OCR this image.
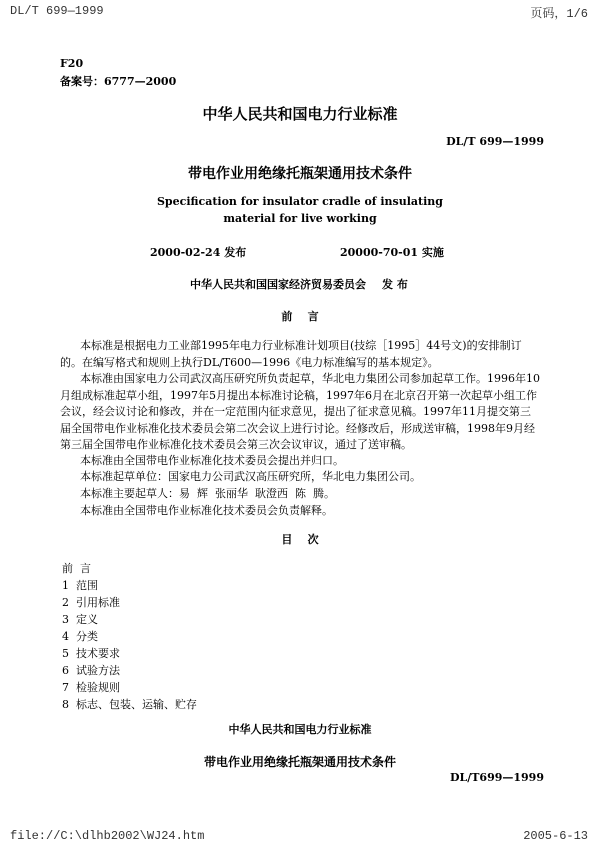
DL/T 699—1999	页码，1/6
F20
备案号：6777—2000
中华人民共和国电力行业标准
DL/T 699—1999
带电作业用绝缘托瓶架通用技术条件
Specification for insulator cradle of insulating
material for live working
2000-02-24 发布	20000-70-01 实施
中华人民共和国国家经济贸易委员会 发 布
前    言
本标准是根据电力工业部1995年电力行业标准计划项目(技综［1995］44号文)的安排制订的。在编写格式和规则上执行DL/T600—1996《电力标准编写的基本规定》。
本标准由国家电力公司武汉高压研究所负责起草，华北电力集团公司参加起草工作。1996年10月组成标准起草小组，1997年5月提出本标准讨论稿，1997年6月在北京召开第一次起草小组工作会议，经会议讨论和修改，并在一定范围内征求意见，提出了征求意见稿。1997年11月提交第三届全国带电作业标准化技术委员会第二次会议上进行讨论。经修改后，形成送审稿，1998年9月经第三届全国带电作业标准化技术委员会第三次会议审议，通过了送审稿。
本标准由全国带电作业标准化技术委员会提出并归口。
本标准起草单位：国家电力公司武汉高压研究所，华北电力集团公司。
本标准主要起草人：易  辉  张丽华  耿澄西  陈  腾。
本标准由全国带电作业标准化技术委员会负责解释。
目    次
前  言
1  范围
2  引用标准
3  定义
4  分类
5  技术要求
6  试验方法
7  检验规则
8  标志、包装、运输、贮存
中华人民共和国电力行业标准
带电作业用绝缘托瓶架通用技术条件
DL/T699—1999
file://C:\dlhb2002\WJ24.htm	2005-6-13
